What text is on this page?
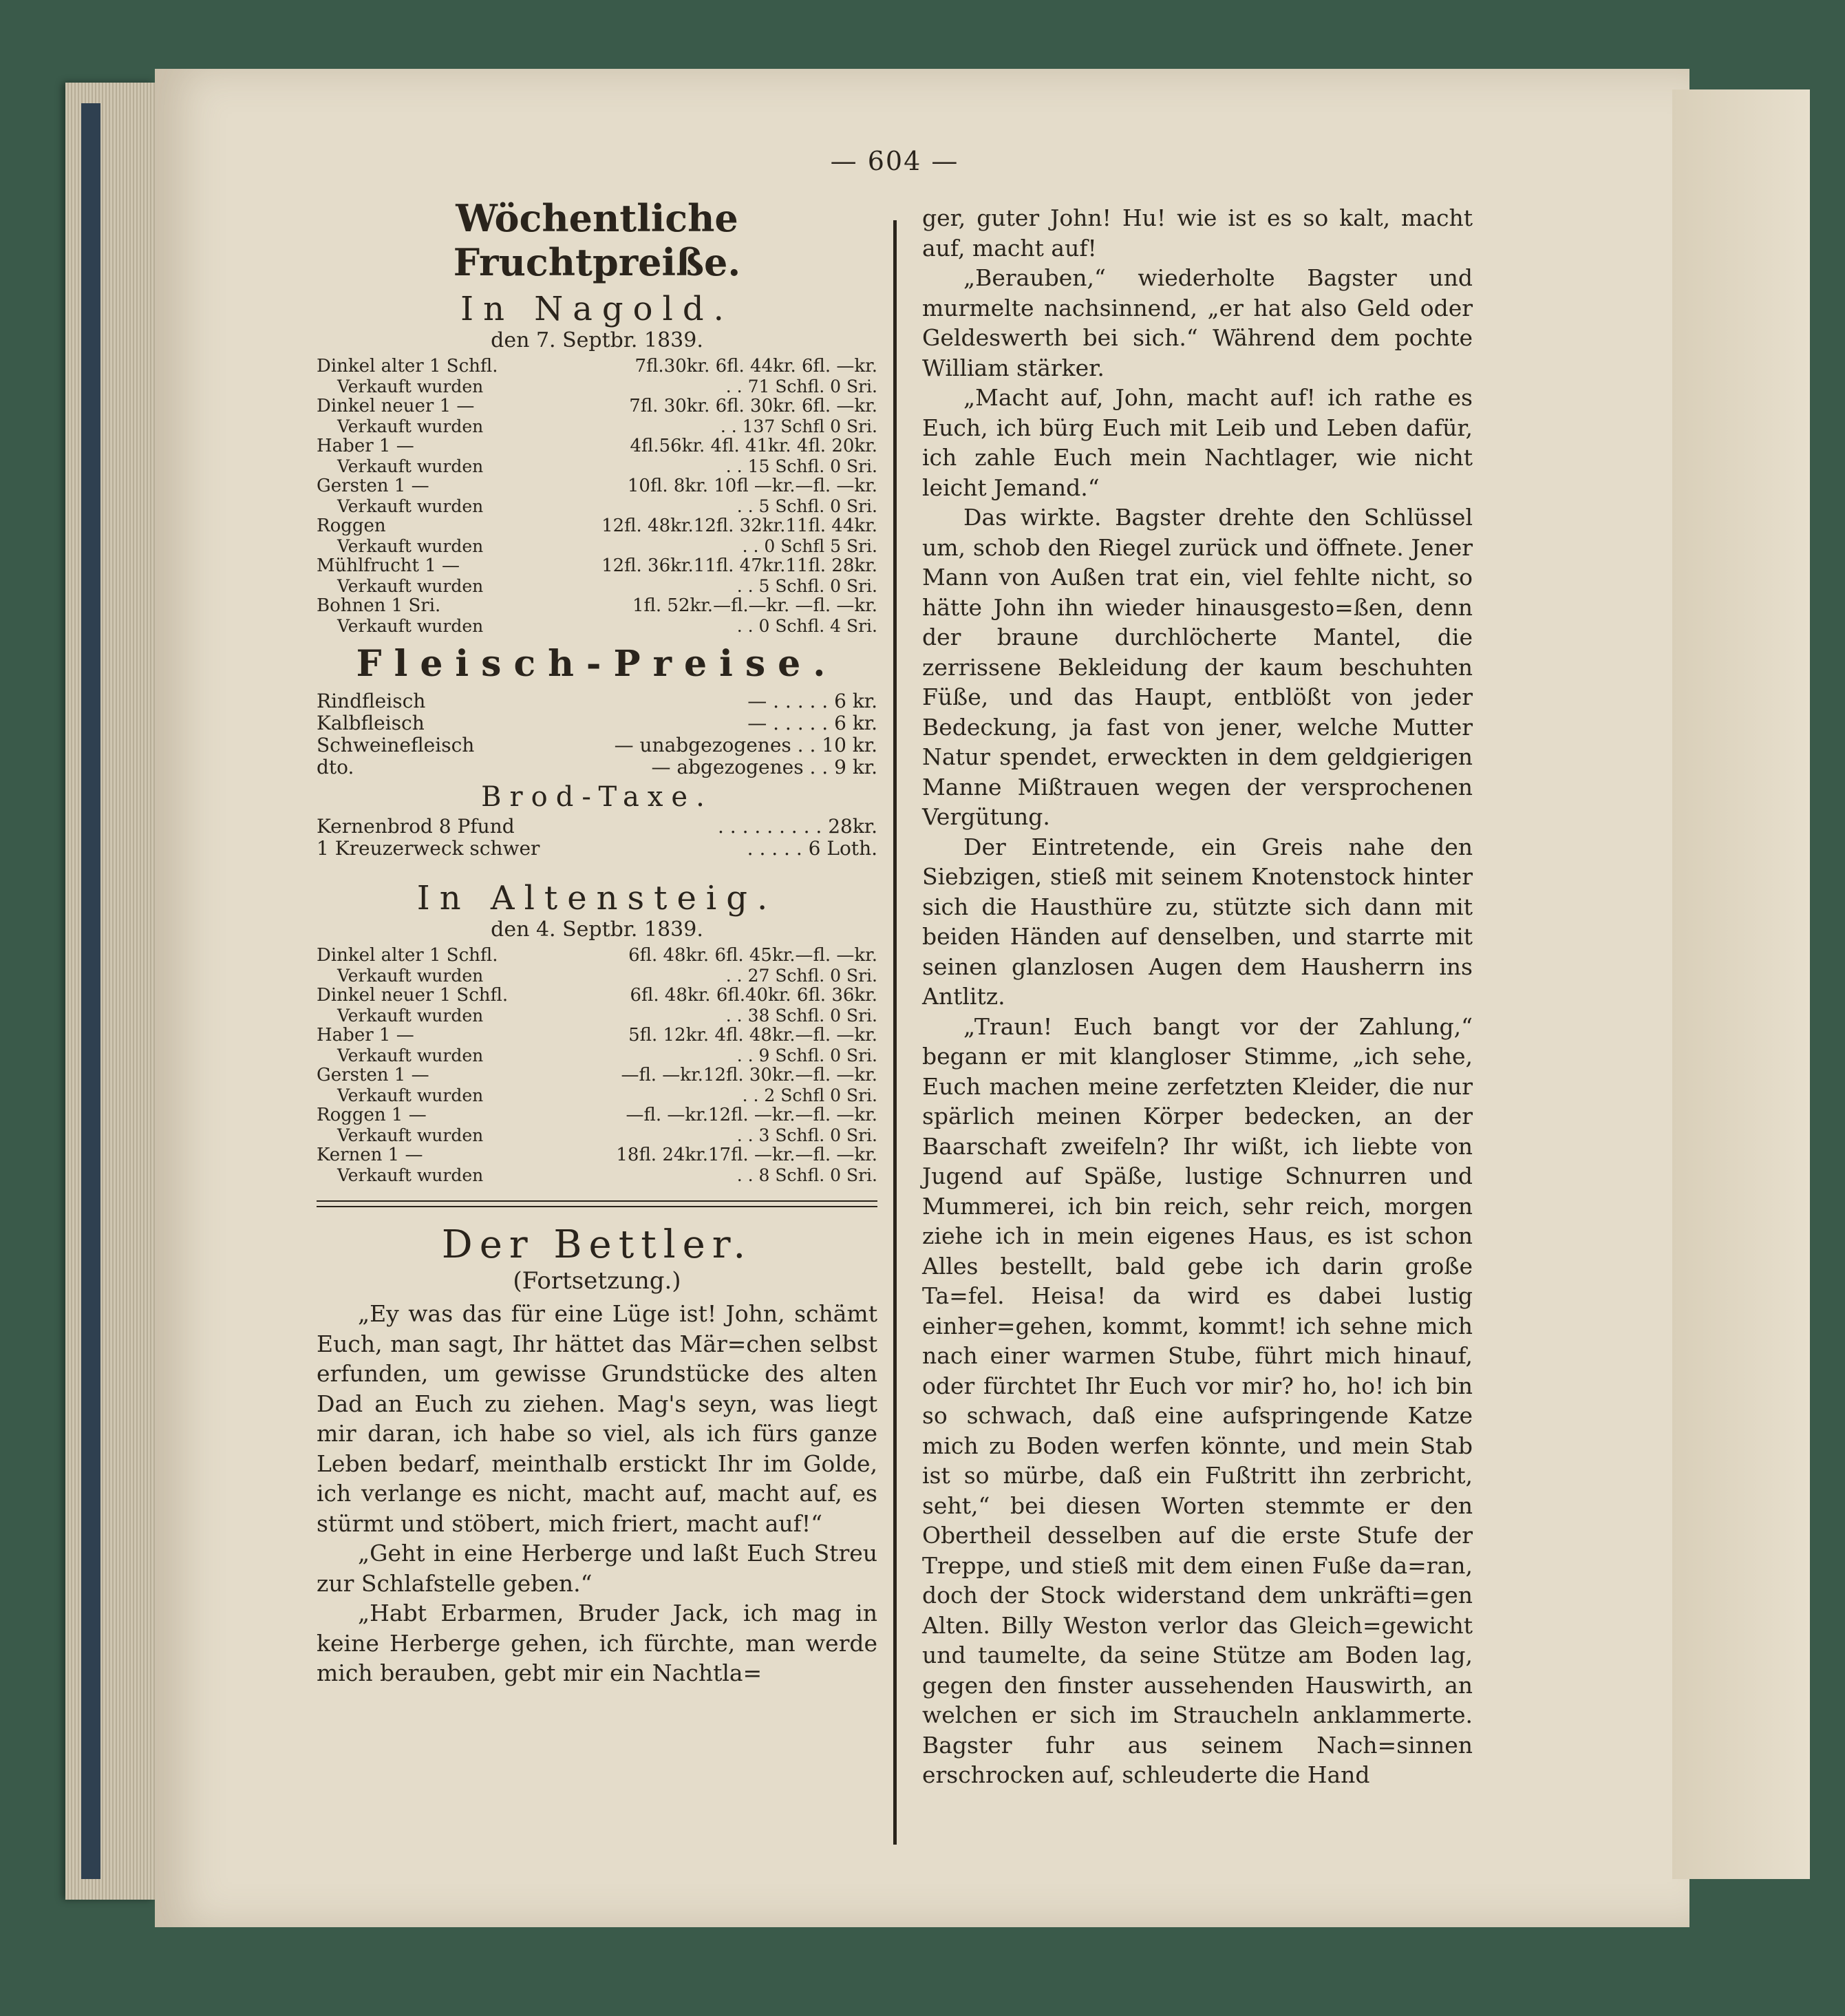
— 604 —
Wöchentliche Fruchtpreiße.
In Nagold.
den 7. Septbr. 1839.
Dinkel alter 1 Schfl.	7fl.30kr. 6fl. 44kr. 6fl. —kr.
Verkauft wurden	. . 71 Schfl. 0 Sri.
Dinkel neuer 1 —	7fl. 30kr. 6fl. 30kr. 6fl. —kr.
Verkauft wurden	. . 137 Schfl 0 Sri.
Haber 1 —	4fl.56kr. 4fl. 41kr. 4fl. 20kr.
Verkauft wurden	. . 15 Schfl. 0 Sri.
Gersten 1 —	10fl. 8kr. 10fl —kr.—fl. —kr.
Verkauft wurden	. . 5 Schfl. 0 Sri.
Roggen	12fl. 48kr.12fl. 32kr.11fl. 44kr.
Verkauft wurden	. . 0 Schfl 5 Sri.
Mühlfrucht 1 —	12fl. 36kr.11fl. 47kr.11fl. 28kr.
Verkauft wurden	. . 5 Schfl. 0 Sri.
Bohnen 1 Sri.	1fl. 52kr.—fl.—kr. —fl. —kr.
Verkauft wurden	. . 0 Schfl. 4 Sri.
Fleisch-Preise.
Rindfleisch	— . . . . . 6 kr.
Kalbfleisch	— . . . . . 6 kr.
Schweinefleisch	— unabgezogenes . . 10 kr.
dto.	— abgezogenes . . 9 kr.
Brod-Taxe.
Kernenbrod 8 Pfund	. . . . . . . . . 28kr.
1 Kreuzerweck schwer	. . . . . 6 Loth.
In Altensteig.
den 4. Septbr. 1839.
Dinkel alter 1 Schfl.	6fl. 48kr. 6fl. 45kr.—fl. —kr.
Verkauft wurden	. . 27 Schfl. 0 Sri.
Dinkel neuer 1 Schfl.	6fl. 48kr. 6fl.40kr. 6fl. 36kr.
Verkauft wurden	. . 38 Schfl. 0 Sri.
Haber 1 —	5fl. 12kr. 4fl. 48kr.—fl. —kr.
Verkauft wurden	. . 9 Schfl. 0 Sri.
Gersten 1 —	—fl. —kr.12fl. 30kr.—fl. —kr.
Verkauft wurden	. . 2 Schfl 0 Sri.
Roggen 1 —	—fl. —kr.12fl. —kr.—fl. —kr.
Verkauft wurden	. . 3 Schfl. 0 Sri.
Kernen 1 —	18fl. 24kr.17fl. —kr.—fl. —kr.
Verkauft wurden	. . 8 Schfl. 0 Sri.
Der Bettler.
(Fortsetzung.)

„Ey was das für eine Lüge ist! John, schämt Euch, man sagt, Ihr hättet das Mär=chen selbst erfunden, um gewisse Grundstücke des alten Dad an Euch zu ziehen. Mag's seyn, was liegt mir daran, ich habe so viel, als ich fürs ganze Leben bedarf, meinthalb erstickt Ihr im Golde, ich verlange es nicht, macht auf, macht auf, es stürmt und stöbert, mich friert, macht auf!“

„Geht in eine Herberge und laßt Euch Streu zur Schlafstelle geben.“

„Habt Erbarmen, Bruder Jack, ich mag in keine Herberge gehen, ich fürchte, man werde mich berauben, gebt mir ein Nachtla=

ger, guter John! Hu! wie ist es so kalt, macht auf, macht auf!

„Berauben,“ wiederholte Bagster und murmelte nachsinnend, „er hat also Geld oder Geldeswerth bei sich.“ Während dem pochte William stärker.

„Macht auf, John, macht auf! ich rathe es Euch, ich bürg Euch mit Leib und Leben dafür, ich zahle Euch mein Nachtlager, wie nicht leicht Jemand.“

Das wirkte. Bagster drehte den Schlüssel um, schob den Riegel zurück und öffnete. Jener Mann von Außen trat ein, viel fehlte nicht, so hätte John ihn wieder hinausgesto=ßen, denn der braune durchlöcherte Mantel, die zerrissene Bekleidung der kaum beschuhten Füße, und das Haupt, entblößt von jeder Bedeckung, ja fast von jener, welche Mutter Natur spendet, erweckten in dem geldgierigen Manne Mißtrauen wegen der versprochenen Vergütung.

Der Eintretende, ein Greis nahe den Siebzigen, stieß mit seinem Knotenstock hinter sich die Hausthüre zu, stützte sich dann mit beiden Händen auf denselben, und starrte mit seinen glanzlosen Augen dem Hausherrn ins Antlitz.

„Traun! Euch bangt vor der Zahlung,“ begann er mit klangloser Stimme, „ich sehe, Euch machen meine zerfetzten Kleider, die nur spärlich meinen Körper bedecken, an der Baarschaft zweifeln? Ihr wißt, ich liebte von Jugend auf Späße, lustige Schnurren und Mummerei, ich bin reich, sehr reich, morgen ziehe ich in mein eigenes Haus, es ist schon Alles bestellt, bald gebe ich darin große Ta=fel. Heisa! da wird es dabei lustig einher=gehen, kommt, kommt! ich sehne mich nach einer warmen Stube, führt mich hinauf, oder fürchtet Ihr Euch vor mir? ho, ho! ich bin so schwach, daß eine aufspringende Katze mich zu Boden werfen könnte, und mein Stab ist so mürbe, daß ein Fußtritt ihn zerbricht, seht,“ bei diesen Worten stemmte er den Obertheil desselben auf die erste Stufe der Treppe, und stieß mit dem einen Fuße da=ran, doch der Stock widerstand dem unkräfti=gen Alten. Billy Weston verlor das Gleich=gewicht und taumelte, da seine Stütze am Boden lag, gegen den finster aussehenden Hauswirth, an welchen er sich im Straucheln anklammerte. Bagster fuhr aus seinem Nach=sinnen erschrocken auf, schleuderte die Hand
